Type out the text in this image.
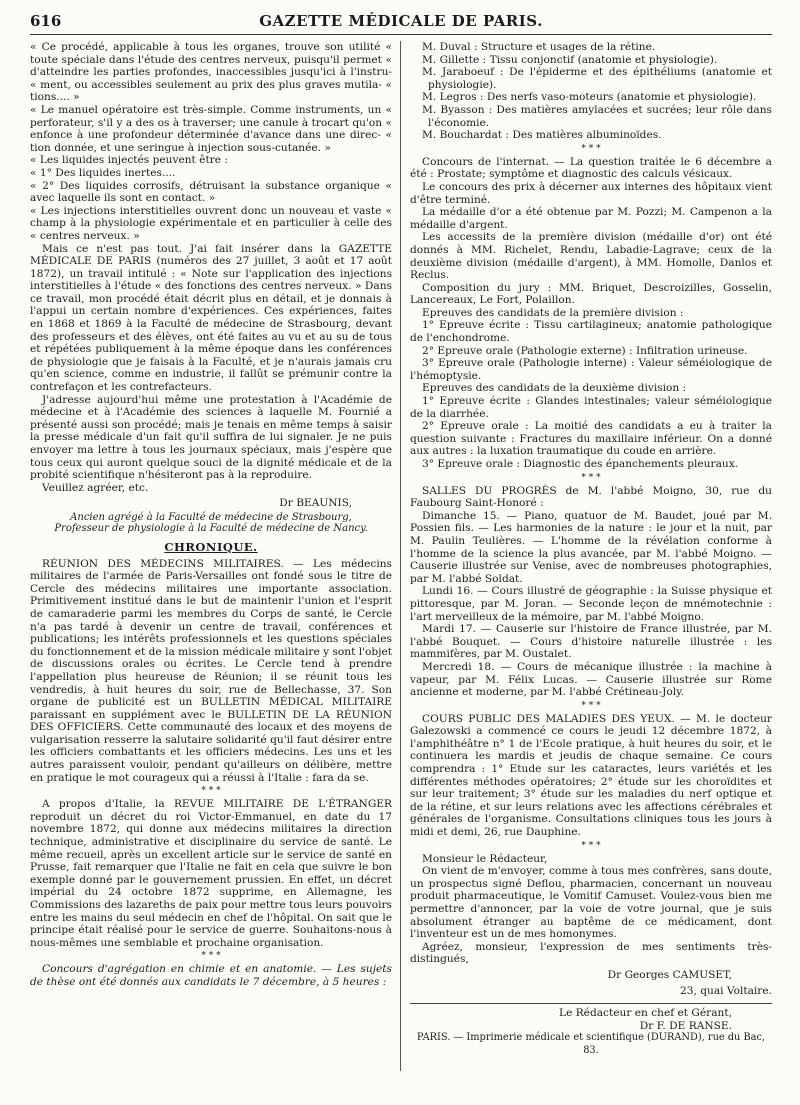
616	GAZETTE MÉDICALE DE PARIS.

« Ce procédé, applicable à tous les organes, trouve son utilité « toute spéciale dans l'étude des centres nerveux, puisqu'il permet « d'atteindre les parties profondes, inaccessibles jusqu'ici à l'instru- « ment, ou accessibles seulement au prix des plus graves mutila- « tions.... »

« Le manuel opératoire est très-simple. Comme instruments, un « perforateur, s'il y a des os à traverser; une canule à trocart qu'on « enfonce à une profondeur déterminée d'avance dans une direc- « tion donnée, et une seringue à injection sous-cutanée. »

« Les liquides injectés peuvent être :

« 1° Des liquides inertes....

« 2° Des liquides corrosifs, détruisant la substance organique « avec laquelle ils sont en contact. »

« Les injections interstitielles ouvrent donc un nouveau et vaste « champ à la physiologie expérimentale et en particulier à celle des « centres nerveux. »

Mais ce n'est pas tout. J'ai fait insérer dans la GAZETTE MÉDICALE DE PARIS (numéros des 27 juillet, 3 août et 17 août 1872), un travail intitulé : « Note sur l'application des injections interstitielles à l'étude « des fonctions des centres nerveux. » Dans ce travail, mon procédé était décrit plus en détail, et je donnais à l'appui un certain nombre d'expériences. Ces expériences, faites en 1868 et 1869 à la Faculté de médecine de Strasbourg, devant des professeurs et des élèves, ont été faites au vu et au su de tous et répétées publiquement à la même époque dans les conférences de physiologie que je faisais à la Faculté, et je n'aurais jamais cru qu'en science, comme en industrie, il fallût se prémunir contre la contrefaçon et les contrefacteurs.

J'adresse aujourd'hui même une protestation à l'Académie de médecine et à l'Académie des sciences à laquelle M. Fournié a présenté aussi son procédé; mais je tenais en même temps à saisir la presse médicale d'un fait qu'il suffira de lui signaler. Je ne puis envoyer ma lettre à tous les journaux spéciaux, mais j'espère que tous ceux qui auront quelque souci de la dignité médicale et de la probité scientifique n'hésiteront pas à la reproduire.

Veuillez agréer, etc.

Dr BEAUNIS,
Ancien agrégé à la Faculté de médecine de Strasbourg,
Professeur de physiologie à la Faculté de médecine de Nancy.
CHRONIQUE.

RÉUNION DES MÉDECINS MILITAIRES. — Les médecins militaires de l'armée de Paris-Versailles ont fondé sous le titre de Cercle des médecins militaires une importante association. Primitivement institué dans le but de maintenir l'union et l'esprit de camaraderie parmi les membres du Corps de santé, le Cercle n'a pas tardé à devenir un centre de travail, conférences et publications; les intérêts professionnels et les questions spéciales du fonctionnement et de la mission médicale militaire y sont l'objet de discussions orales ou écrites. Le Cercle tend à prendre l'appellation plus heureuse de Réunion; il se réunit tous les vendredis, à huit heures du soir, rue de Bellechasse, 37. Son organe de publicité est un BULLETIN MÉDICAL MILITAIRE paraissant en supplément avec le BULLETIN DE LA RÉUNION DES OFFICIERS. Cette communauté des locaux et des moyens de vulgarisation resserre la salutaire solidarité qu'il faut désirer entre les officiers combattants et les officiers médecins. Les uns et les autres paraissent vouloir, pendant qu'ailleurs on délibère, mettre en pratique le mot courageux qui a réussi à l'Italie : fara da se.

* * *

A propos d'Italie, la REVUE MILITAIRE DE L'ÉTRANGER reproduit un décret du roi Victor-Emmanuel, en date du 17 novembre 1872, qui donne aux médecins militaires la direction technique, administrative et disciplinaire du service de santé. Le même recueil, après un excellent article sur le service de santé en Prusse, fait remarquer que l'Italie ne fait en cela que suivre le bon exemple donné par le gouvernement prussien. En effet, un décret impérial du 24 octobre 1872 supprime, en Allemagne, les Commissions des lazareths de paix pour mettre tous leurs pouvoirs entre les mains du seul médecin en chef de l'hôpital. On sait que le principe était réalisé pour le service de guerre. Souhaitons-nous à nous-mêmes une semblable et prochaine organisation.

* * *

Concours d'agrégation en chimie et en anatomie. — Les sujets de thèse ont été donnés aux candidats le 7 décembre, à 5 heures :

M. Duval : Structure et usages de la rétine.

M. Gillette : Tissu conjonctif (anatomie et physiologie).

M. Jaraboeuf : De l'épiderme et des épithéliums (anatomie et physiologie).

M. Legros : Des nerfs vaso-moteurs (anatomie et physiologie).

M. Byasson : Des matières amylacées et sucrées; leur rôle dans l'économie.

M. Bouchardat : Des matières albuminoïdes.

* * *

Concours de l'internat. — La question traitée le 6 décembre a été : Prostate; symptôme et diagnostic des calculs vésicaux.

Le concours des prix à décerner aux internes des hôpitaux vient d'être terminé.

La médaille d'or a été obtenue par M. Pozzi; M. Campenon a la médaille d'argent.

Les accessits de la première division (médaille d'or) ont été donnés à MM. Richelet, Rendu, Labadie-Lagrave; ceux de la deuxième division (médaille d'argent), à MM. Homolle, Danlos et Reclus.

Composition du jury : MM. Briquet, Descroizilles, Gosselin, Lancereaux, Le Fort, Polaillon.

Epreuves des candidats de la première division :

1° Epreuve écrite : Tissu cartilagineux; anatomie pathologique de l'enchondrome.

2° Epreuve orale (Pathologie externe) : Infiltration urineuse.

3° Epreuve orale (Pathologie interne) : Valeur séméiologique de l'hémoptysie.

Epreuves des candidats de la deuxième division :

1° Epreuve écrite : Glandes intestinales; valeur séméiologique de la diarrhée.

2° Epreuve orale : La moitié des candidats a eu à traiter la question suivante : Fractures du maxillaire inférieur. On a donné aux autres : la luxation traumatique du coude en arrière.

3° Epreuve orale : Diagnostic des épanchements pleuraux.

* * *

SALLES DU PROGRÈS de M. l'abbé Moigno, 30, rue du Faubourg Saint-Honoré :

Dimanche 15. — Piano, quatuor de M. Baudet, joué par M. Possien fils. — Les harmonies de la nature : le jour et la nuit, par M. Paulin Teulières. — L'homme de la révélation conforme à l'homme de la science la plus avancée, par M. l'abbé Moigno. — Causerie illustrée sur Venise, avec de nombreuses photographies, par M. l'abbé Soldat.

Lundi 16. — Cours illustré de géographie : la Suisse physique et pittoresque, par M. Joran. — Seconde leçon de mnémotechnie : l'art merveilleux de la mémoire, par M. l'abbé Moigno.

Mardi 17. — Causerie sur l'histoire de France illustrée, par M. l'abbé Bouquet. — Cours d'histoire naturelle illustrée : les mammifères, par M. Oustalet.

Mercredi 18. — Cours de mécanique illustrée : la machine à vapeur, par M. Félix Lucas. — Causerie illustrée sur Rome ancienne et moderne, par M. l'abbé Crétineau-Joly.

* * *

COURS PUBLIC DES MALADIES DES YEUX. — M. le docteur Galezowski a commencé ce cours le jeudi 12 décembre 1872, à l'amphithéâtre n° 1 de l'Ecole pratique, à huit heures du soir, et le continuera les mardis et jeudis de chaque semaine. Ce cours comprendra : 1° Etude sur les cataractes, leurs variétés et les différentes méthodes opératoires; 2° étude sur les choroïdites et sur leur traitement; 3° étude sur les maladies du nerf optique et de la rétine, et sur leurs relations avec les affections cérébrales et générales de l'organisme. Consultations cliniques tous les jours à midi et demi, 26, rue Dauphine.

* * *

Monsieur le Rédacteur,

On vient de m'envoyer, comme à tous mes confrères, sans doute, un prospectus signé Deflou, pharmacien, concernant un nouveau produit pharmaceutique, le Vomitif Camuset. Voulez-vous bien me permettre d'annoncer, par la voie de votre journal, que je suis absolument étranger au baptême de ce médicament, dont l'inventeur est un de mes homonymes.

Agréez, monsieur, l'expression de mes sentiments très-distingués,

Dr Georges CAMUSET,
23, quai Voltaire.
Le Rédacteur en chef et Gérant,
Dr F. DE RANSE.
PARIS. — Imprimerie médicale et scientifique (DURAND), rue du Bac, 83.
